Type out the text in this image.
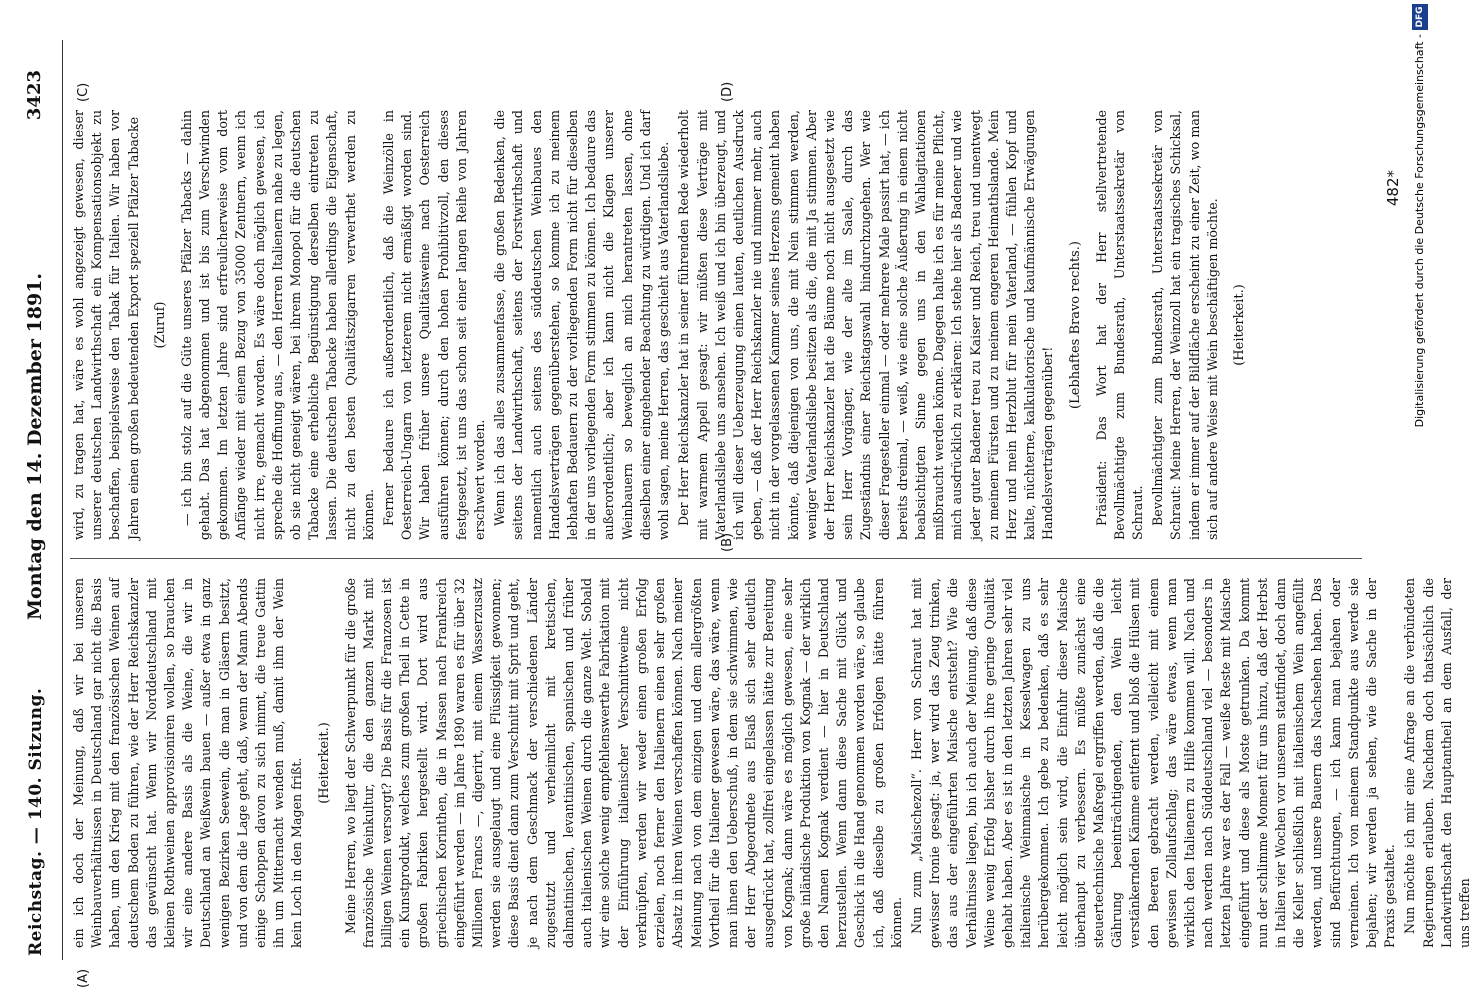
Reichstag. — 140. Sitzung.
Montag den 14. Dezember 1891.
3423
(A)
(B)
(C)	(D)

ein ich doch der Meinung, daß wir bei unseren Weinbauverhältnissen in Deutschland gar nicht die Basis haben, um den Krieg mit den französischen Weinen auf deutschem Boden zu führen, wie der Herr Reichskanzler das gewünscht hat. Wenn wir Norddeutschland mit kleinen Rothweinen approvisioniren wollen, so brauchen wir eine andere Basis als die Weine, die wir in Deutschland an Weißwein bauen — außer etwa in ganz wenigen Bezirken Seewein, die man in Gläsern besitzt, und von dem die Lage geht, daß, wenn der Mann Abends einige Schoppen davon zu sich nimmt, die treue Gattin ihn um Mitternacht wenden muß, damit ihm der Wein kein Loch in den Magen frißt. (Heiterkeit.) Meine Herren, wo liegt der Schwerpunkt für die große französische Weinkultur, die den ganzen Markt mit billigen Weinen versorgt? Die Basis für die Franzosen ist ein Kunstprodukt, welches zum großen Theil in Cette in großen Fabriken hergestellt wird. Dort wird aus griechischen Korinthen, die in Massen nach Frankreich eingeführt werden — im Jahre 1890 waren es für über 32 Millionen Francs —, digerirt, mit einem Wasserzusatz werden sie ausgelaugt und eine Flüssigkeit gewonnen; diese Basis dient dann zum Verschnitt mit Sprit und geht, je nach dem Geschmack der verschiedenen Länder zugestutzt und verheimlicht mit kretischen, dalmatinischen, levantinischen, spanischen und früher auch italienischen Weinen durch die ganze Welt. Sobald wir eine solche wenig empfehlenswerthe Fabrikation mit der Einführung italienischer Verschnittweine nicht verknüpfen, werden wir weder einen großen Erfolg erzielen, noch ferner den Italienern einen sehr großen Absatz in ihren Weinen verschaffen können. Nach meiner Meinung nach von dem einzigen und dem allergrößten Vortheil für die Italiener gewesen wäre, das wäre, wenn man ihnen den Ueberschuß, in dem sie schwimmen, wie der Herr Abgeordnete aus Elsaß sich sehr deutlich ausgedrückt hat, zollfrei eingelassen hätte zur Bereitung von Kognak; dann wäre es möglich gewesen, eine sehr große inländische Produktion von Kognak — der wirklich den Namen Kognak verdient — hier in Deutschland herzustellen. Wenn dann diese Sache mit Glück und Geschick in die Hand genommen worden wäre, so glaube ich, daß dieselbe zu großen Erfolgen hätte führen können. Nun zum „Maischezoll“. Herr von Schraut hat mit gewisser Ironie gesagt: ja, wer wird das Zeug trinken, das aus der eingeführten Maische entsteht? Wie die Verhältnisse liegen, bin ich auch der Meinung, daß diese Weine wenig Erfolg bisher durch ihre geringe Qualität gehabt haben. Aber es ist in den letzten Jahren sehr viel italienische Weinmaische in Kesselwagen zu uns herübergekommen. Ich gebe zu bedenken, daß es sehr leicht möglich sein wird, die Einfuhr dieser Maische überhaupt zu verbessern. Es müßte zunächst eine steuertechnische Maßregel ergriffen werden, daß die die Gährung beeinträchtigenden, den Wein leicht verstänkernden Kämme entfernt und bloß die Hülsen mit den Beeren gebracht werden, vielleicht mit einem gewissen Zollaufschlag; das wäre etwas, wenn man wirklich den Italienern zu Hilfe kommen will. Nach und nach werden nach Süddeutschland viel — besonders in letzten Jahre war es der Fall — weiße Reste mit Maische eingeführt und diese als Moste getrunken. Da kommt nun der schlimme Moment für uns hinzu, daß der Herbst in Italien vier Wochen vor unserem stattfindet, doch dann die Keller schließlich mit italienischem Wein angefüllt werden, und unsere Bauern das Nachsehen haben. Das sind Befürchtungen, — ich kann man bejahen oder verneinen. Ich von meinem Standpunkte aus werde sie bejahen; wir werden ja sehen, wie die Sache in der Praxis gestaltet. Nun möchte ich mir eine Anfrage an die verbündeten Regierungen erlauben. Nachdem doch thatsächlich die Landwirthschaft den Hauptantheil an dem Ausfall, der uns treffen

wird, zu tragen hat, wäre es wohl angezeigt gewesen, dieser unserer deutschen Landwirthschaft ein Kompensationsobjekt zu beschaffen, beispielsweise den Tabak für Italien. Wir haben vor Jahren einen großen bedeutenden Export speziell Pfälzer Tabacke (Zuruf) — ich bin stolz auf die Güte unseres Pfälzer Tabacks — dahin gehabt. Das hat abgenommen und ist bis zum Verschwinden gekommen. Im letzten Jahre sind erfreulicherweise vom dort Anfänge wieder mit einem Bezug von 35000 Zentnern, wenn ich nicht irre, gemacht worden. Es wäre doch möglich gewesen, ich spreche die Hoffnung aus, — den Herren Italienern nahe zu legen, ob sie nicht geneigt wären, bei ihrem Monopol für die deutschen Tabacke eine erhebliche Begünstigung derselben eintreten zu lassen. Die deutschen Tabacke haben allerdings die Eigenschaft, nicht zu den besten Qualitätszigarren verwerthet werden zu können. Ferner bedaure ich außerordentlich, daß die Weinzölle in Oesterreich-Ungarn von letzterem nicht ermäßigt worden sind. Wir haben früher unsere Qualitätsweine nach Oesterreich ausführen können; durch den hohen Prohibitivzoll, den dieses festgesetzt, ist uns das schon seit einer langen Reihe von Jahren erschwert worden. Wenn ich das alles zusammenfasse, die großen Bedenken, die seitens der Landwirthschaft, seitens der Forstwirthschaft und namentlich auch seitens des süddeutschen Weinbaues den Handelsverträgen gegenüberstehen, so komme ich zu meinem lebhaften Bedauern zu der vorliegenden Form nicht für dieselben in der uns vorliegenden Form stimmen zu können. Ich bedaure das außerordentlich; aber ich kann nicht die Klagen unserer Weinbauern so beweglich an mich herantreten lassen, ohne dieselben einer eingehender Beachtung zu würdigen. Und ich darf wohl sagen, meine Herren, das geschieht aus Vaterlandsliebe. Der Herr Reichskanzler hat in seiner führenden Rede wiederholt mit warmem Appell gesagt: wir müßten diese Verträge mit Vaterlandsliebe uns ansehen. Ich weiß und ich bin überzeugt, und ich will dieser Ueberzeugung einen lauten, deutlichen Ausdruck geben, — daß der Herr Reichskanzler nie und nimmer mehr, auch nicht in der vorgelassenen Kammer seines Herzens gemeint haben könnte, daß diejenigen von uns, die mit Nein stimmen werden, weniger Vaterlandsliebe besitzen als die, die mit Ja stimmen. Aber der Herr Reichskanzler hat die Bäume noch nicht ausgesetzt wie sein Herr Vorgänger, wie der alte im Saale, durch das Zugeständnis einer Reichstagswahl hindurchzugehen. Wer wie dieser Fragesteller einmal — oder mehrere Male passirt hat, — ich bereits dreimal, — weiß, wie eine solche Äußerung in einem nicht beabsichtigten Sinne gegen uns in den Wahlagitationen mißbraucht werden könne. Dagegen halte ich es für meine Pflicht, mich ausdrücklich zu erklären: Ich stehe hier als Badener und wie jeder guter Badener treu zu Kaiser und Reich, treu und unentwegt zu meinem Fürsten und zu meinem engeren Heimathslande. Mein Herz und mein Herzblut für mein Vaterland, — fühlen Kopf und kalte, nüchterne, kalkulatorische und kaufmännische Erwägungen Handelsverträgen gegenüber!

(Lebhaftes Bravo rechts.) Präsident: Das Wort hat der Herr stellvertretende Bevollmächtigte zum Bundesrath, Unterstaatssekretär von Schraut. Bevollmächtigter zum Bundesrath, Unterstaatssekretär von Schraut: Meine Herren, der Weinzoll hat ein tragisches Schicksal, indem er immer auf der Bildfläche erscheint zu einer Zeit, wo man sich auf andere Weise mit Wein beschäftigen möchte. (Heiterkeit.)

482* Digitalisierung gefördert durch die Deutsche Forschungsgemeinschaft -
DFG
